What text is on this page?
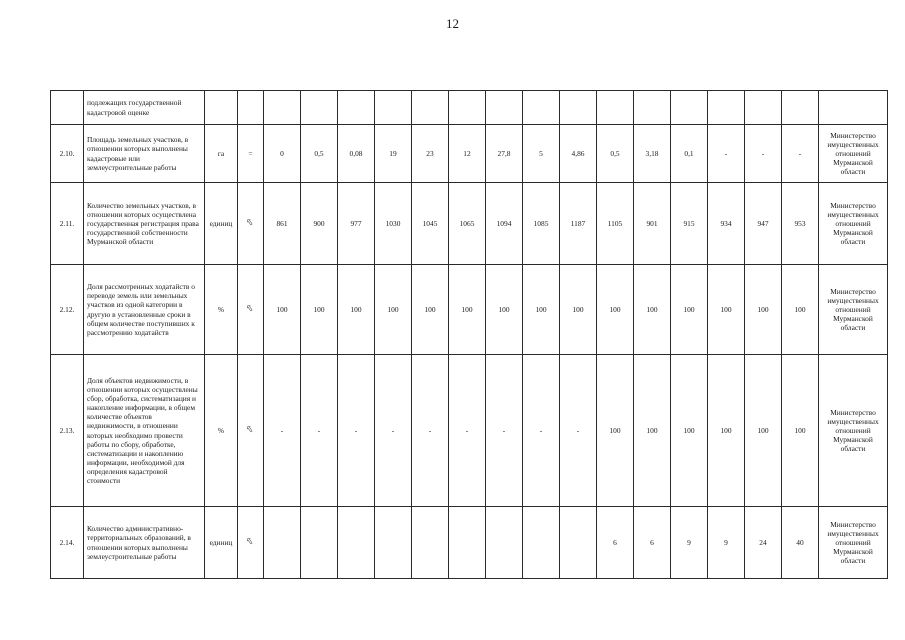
12
	подлежащих государственной кадастровой оценке																		
2.10.	Площадь земельных участков, в отношении которых выполнены кадастровые или землеустроительные работы	га	=	0	0,5	0,08	19	23	12	27,8	5	4,86	0,5	3,18	0,1	-	-	-	Министерство имущественных отношений Мурманской области
2.11.	Количество земельных участков, в отношении которых осуществлена государственная регистрация права государственной собственности Мурманской области	единиц	⇧	861	900	977	1030	1045	1065	1094	1085	1187	1105	901	915	934	947	953	Министерство имущественных отношений Мурманской области
2.12.	Доля рассмотренных ходатайств о переводе земель или земельных участков из одной категории в другую в установленные сроки в общем количестве поступивших к рассмотрению ходатайств	%	⇧	100	100	100	100	100	100	100	100	100	100	100	100	100	100	100	Министерство имущественных отношений Мурманской области
2.13.	Доля объектов недвижимости, в отношении которых осуществлены сбор, обработка, систематизация и накопление информации, в общем количестве объектов недвижимости, в отношении которых необходимо провести работы по сбору, обработке, систематизации и накоплению информации, необходимой для определения кадастровой стоимости	%	⇧	-	-	-	-	-	-	-	-	-	100	100	100	100	100	100	Министерство имущественных отношений Мурманской области
2.14.	Количество административно-территориальных образований, в отношении которых выполнены землеустроительные работы	единиц	⇧										6	6	9	9	24	40	Министерство имущественных отношений Мурманской области
